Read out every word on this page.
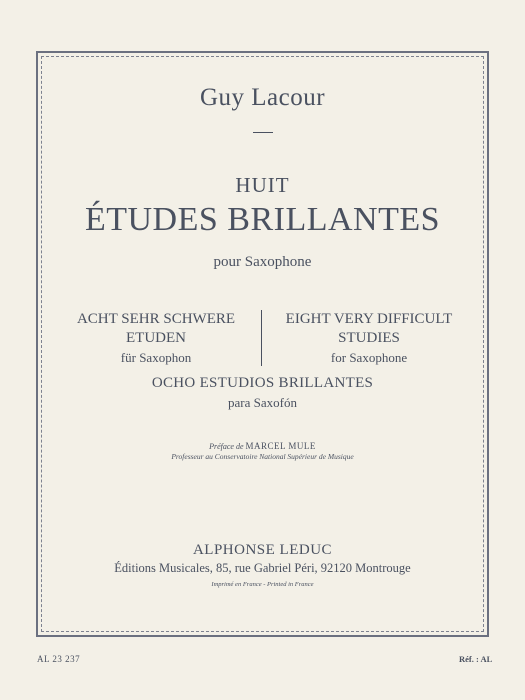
Guy Lacour
HUIT
ÉTUDES BRILLANTES
pour Saxophone
ACHT SEHR SCHWERE
ETUDEN
für Saxophon
EIGHT VERY DIFFICULT
STUDIES
for Saxophone
OCHO ESTUDIOS BRILLANTES
para Saxofón
Préface de MARCEL MULE
Professeur au Conservatoire National Supérieur de Musique
ALPHONSE LEDUC
Éditions Musicales, 85, rue Gabriel Péri, 92120 Montrouge
Imprimé en France - Printed in France
AL 23 237	Réf. : AL
